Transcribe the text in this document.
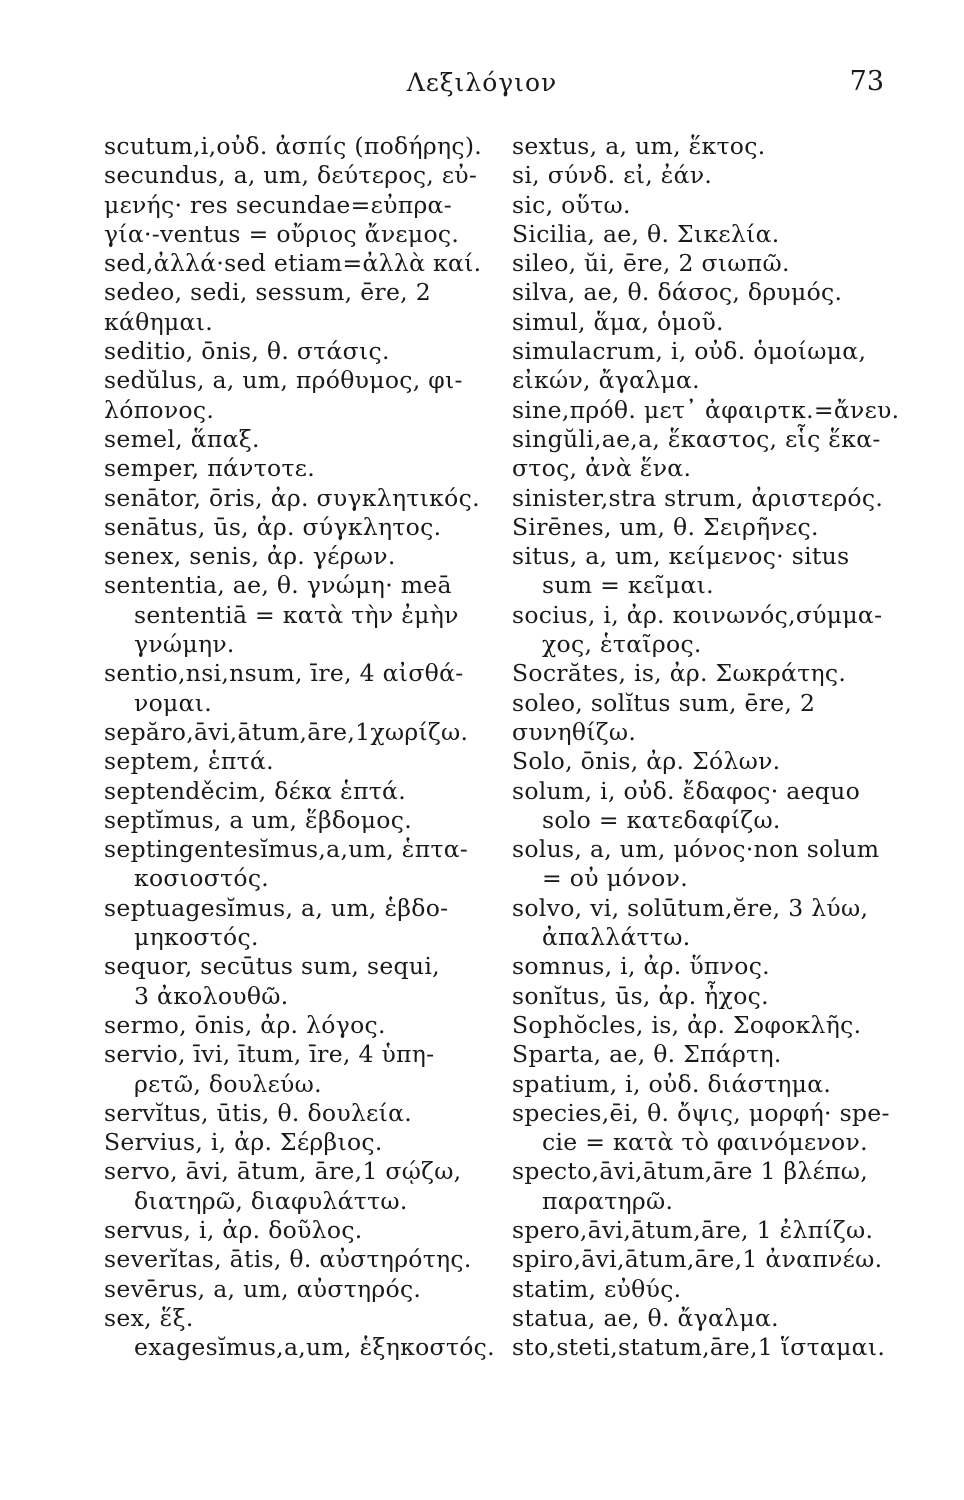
Λεξιλόγιον	73
scutum,i,οὐδ. ἀσπίς (ποδήρης).
secundus, a, um, δεύτερος, εὐ-
μενής· res secundae=εὐπρα-
γία·-ventus = οὔριος ἄνεμος.
sed,ἀλλά·sed etiam=ἀλλὰ καί.
sedeo, sedi, sessum, ēre, 2
κάθημαι.
seditio, ōnis, θ. στάσις.
sedŭlus, a, um, πρόθυμος, φι-
λόπονος.
semel, ἅπαξ.
semper, πάντοτε.
senātor, ōris, ἀρ. συγκλητικός.
senātus, ūs, ἀρ. σύγκλητος.
senex, senis, ἀρ. γέρων.
sententia, ae, θ. γνώμη· meā
sententiā = κατὰ τὴν ἐμὴν
γνώμην.
sentio,nsi,nsum, īre, 4 αἰσθά-
νομαι.
sepăro,āvi,ātum,āre,1χωρίζω.
septem, ἑπτά.
septenděcim, δέκα ἑπτά.
septĭmus, a um, ἕβδομος.
septingentesĭmus,a,um, ἑπτα-
κοσιοστός.
septuagesĭmus, a, um, ἑβδο-
μηκοστός.
sequor, secūtus sum, sequi,
3 ἀκολουθῶ.
sermo, ōnis, ἀρ. λόγος.
servio, īvi, ītum, īre, 4 ὑπη-
ρετῶ, δουλεύω.
servĭtus, ūtis, θ. δουλεία.
Servius, i, ἀρ. Σέρβιος.
servo, āvi, ātum, āre,1 σῴζω,
διατηρῶ, διαφυλάττω.
servus, i, ἀρ. δοῦλος.
severĭtas, ātis, θ. αὐστηρότης.
sevērus, a, um, αὐστηρός.
sex, ἕξ.
exagesĭmus,a,um, ἑξηκοστός.
sextus, a, um, ἕκτος.
si, σύνδ. εἰ, ἐάν.
sic, οὕτω.
Sicilia, ae, θ. Σικελία.
sileo, ŭi, ēre, 2 σιωπῶ.
silva, ae, θ. δάσος, δρυμός.
simul, ἅμα, ὁμοῦ.
simulacrum, i, οὐδ. ὁμοίωμα,
εἰκών, ἄγαλμα.
sine,πρόθ. μετ᾽ ἀφαιρτκ.=ἄνευ.
singŭli,ae,a, ἕκαστος, εἷς ἕκα-
στος, ἀνὰ ἕνα.
sinister,stra strum, ἀριστερός.
Sirēnes, um, θ. Σειρῆνες.
situs, a, um, κείμενος· situs
sum = κεῖμαι.
socius, i, ἀρ. κοινωνός,σύμμα-
χος, ἑταῖρος.
Socrătes, is, ἀρ. Σωκράτης.
soleo, solĭtus sum, ēre, 2
συνηθίζω.
Solo, ōnis, ἀρ. Σόλων.
solum, i, οὐδ. ἔδαφος· aequo
solo = κατεδαφίζω.
solus, a, um, μόνος·non solum
= οὐ μόνον.
solvo, vi, solūtum,ĕre, 3 λύω,
ἀπαλλάττω.
somnus, i, ἀρ. ὕπνος.
sonĭtus, ūs, ἀρ. ἦχος.
Sophŏcles, is, ἀρ. Σοφοκλῆς.
Sparta, ae, θ. Σπάρτη.
spatium, i, οὐδ. διάστημα.
species,ēi, θ. ὄψις, μορφή· spe-
cie = κατὰ τὸ φαινόμενον.
specto,āvi,ātum,āre 1 βλέπω,
παρατηρῶ.
spero,āvi,ātum,āre, 1 ἐλπίζω.
spiro,āvi,ātum,āre,1 ἀναπνέω.
statim, εὐθύς.
statua, ae, θ. ἄγαλμα.
sto,steti,statum,āre,1 ἵσταμαι.
